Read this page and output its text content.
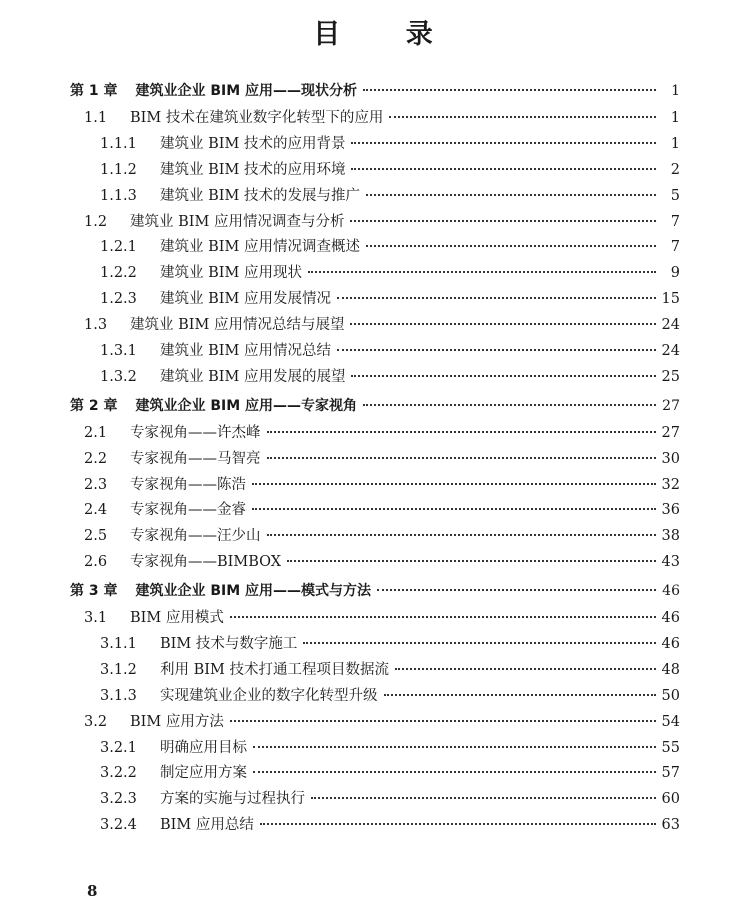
目 录
第 1 章 建筑业企业 BIM 应用——现状分析	1
1.1	BIM 技术在建筑业数字化转型下的应用	1
1.1.1	建筑业 BIM 技术的应用背景	1
1.1.2	建筑业 BIM 技术的应用环境	2
1.1.3	建筑业 BIM 技术的发展与推广	5
1.2	建筑业 BIM 应用情况调查与分析	7
1.2.1	建筑业 BIM 应用情况调查概述	7
1.2.2	建筑业 BIM 应用现状	9
1.2.3	建筑业 BIM 应用发展情况	15
1.3	建筑业 BIM 应用情况总结与展望	24
1.3.1	建筑业 BIM 应用情况总结	24
1.3.2	建筑业 BIM 应用发展的展望	25
第 2 章 建筑业企业 BIM 应用——专家视角	27
2.1	专家视角——许杰峰	27
2.2	专家视角——马智亮	30
2.3	专家视角——陈浩	32
2.4	专家视角——金睿	36
2.5	专家视角——汪少山	38
2.6	专家视角——BIMBOX	43
第 3 章 建筑业企业 BIM 应用——模式与方法	46
3.1	BIM 应用模式	46
3.1.1	BIM 技术与数字施工	46
3.1.2	利用 BIM 技术打通工程项目数据流	48
3.1.3	实现建筑业企业的数字化转型升级	50
3.2	BIM 应用方法	54
3.2.1	明确应用目标	55
3.2.2	制定应用方案	57
3.2.3	方案的实施与过程执行	60
3.2.4	BIM 应用总结	63
8
